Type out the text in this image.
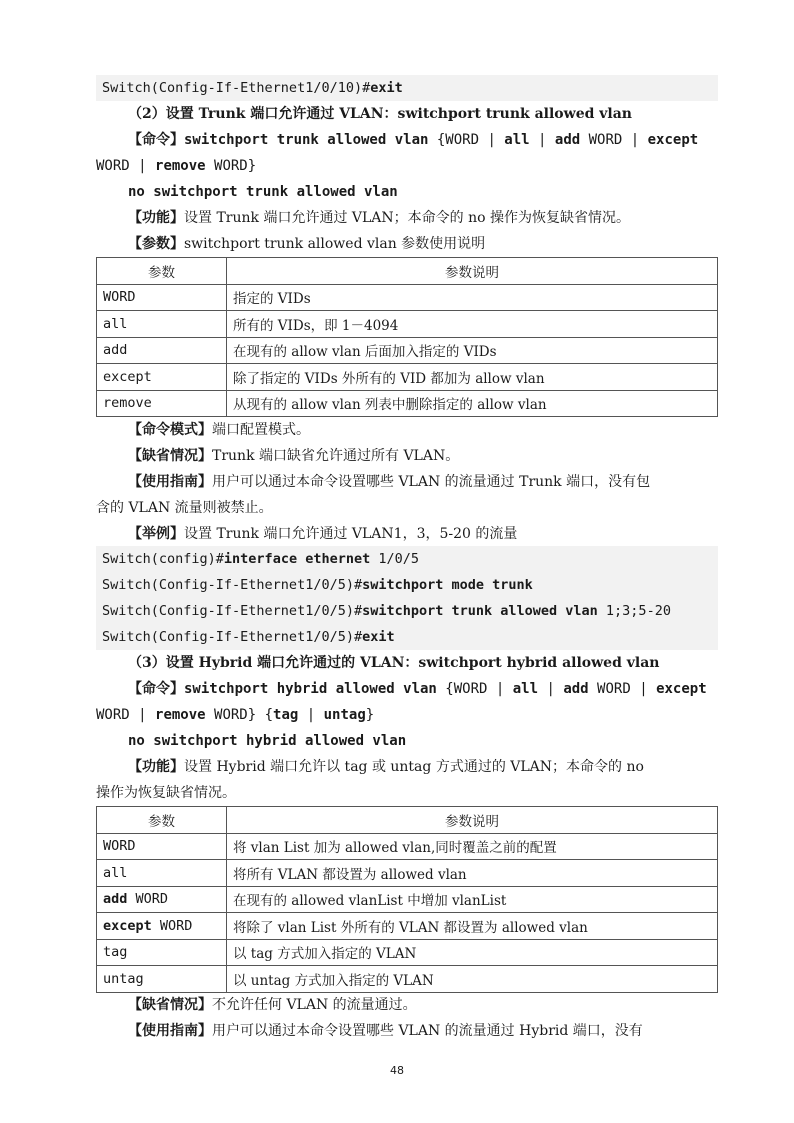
Switch(Config-If-Ethernet1/0/10)#exit
（2）设置 Trunk 端口允许通过 VLAN：switchport trunk allowed vlan
【命令】switchport trunk allowed vlan {WORD | all | add WORD | except
WORD | remove WORD}
no switchport trunk allowed vlan
【功能】设置 Trunk 端口允许通过 VLAN；本命令的 no 操作为恢复缺省情况。
【参数】switchport trunk allowed vlan 参数使用说明
参数	参数说明
WORD	指定的 VIDs
all	所有的 VIDs，即 1－4094
add	在现有的 allow vlan 后面加入指定的 VIDs
except	除了指定的 VIDs 外所有的 VID 都加为 allow vlan
remove	从现有的 allow vlan 列表中删除指定的 allow vlan
【命令模式】端口配置模式。
【缺省情况】Trunk 端口缺省允许通过所有 VLAN。
【使用指南】用户可以通过本命令设置哪些 VLAN 的流量通过 Trunk 端口，没有包
含的 VLAN 流量则被禁止。
【举例】设置 Trunk 端口允许通过 VLAN1，3，5-20 的流量
Switch(config)#interface ethernet 1/0/5
Switch(Config-If-Ethernet1/0/5)#switchport mode trunk
Switch(Config-If-Ethernet1/0/5)#switchport trunk allowed vlan 1;3;5-20
Switch(Config-If-Ethernet1/0/5)#exit
（3）设置 Hybrid 端口允许通过的 VLAN：switchport hybrid allowed vlan
【命令】switchport hybrid allowed vlan {WORD | all | add WORD | except
WORD | remove WORD} {tag | untag}
no switchport hybrid allowed vlan
【功能】设置 Hybrid 端口允许以 tag 或 untag 方式通过的 VLAN；本命令的 no
操作为恢复缺省情况。
参数	参数说明
WORD	将 vlan List 加为 allowed vlan,同时覆盖之前的配置
all	将所有 VLAN 都设置为 allowed vlan
add WORD	在现有的 allowed vlanList 中增加 vlanList
except WORD	将除了 vlan List 外所有的 VLAN 都设置为 allowed vlan
tag	以 tag 方式加入指定的 VLAN
untag	以 untag 方式加入指定的 VLAN
【缺省情况】不允许任何 VLAN 的流量通过。
【使用指南】用户可以通过本命令设置哪些 VLAN 的流量通过 Hybrid 端口，没有
48
